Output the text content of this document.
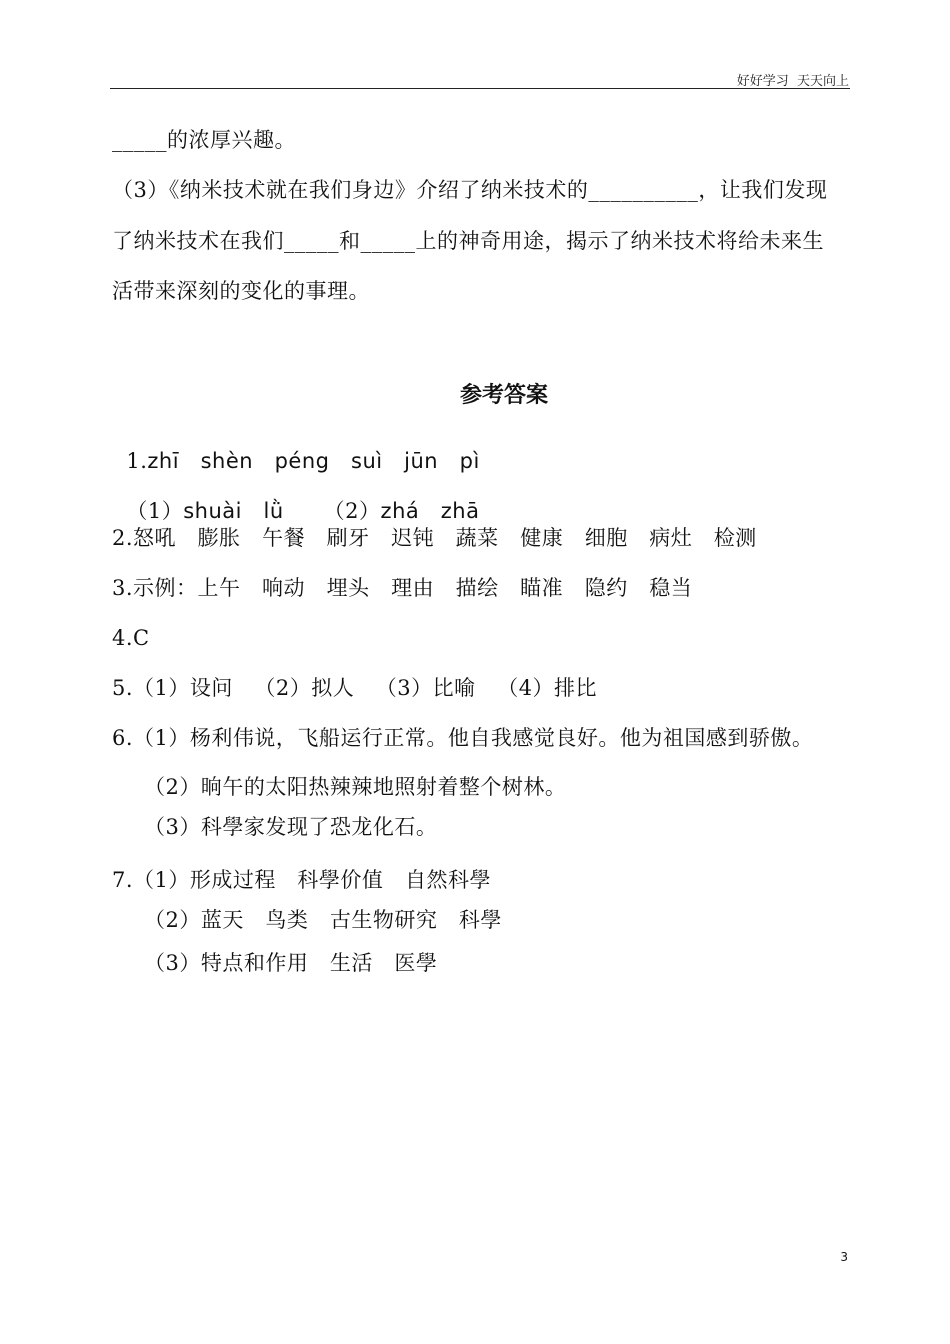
好好学习  天天向上
_____的浓厚兴趣。
（3）《纳米技术就在我们身边》介绍了纳米技术的__________，让我们发现
了纳米技术在我们_____和_____上的神奇用途，揭示了纳米技术将给未来生
活带来深刻的变化的事理。
参考答案

1.zhī   shèn   péng   suì   jūn   pì

（1）shuài   lǜ （2）zhá   zhā

2.怒吼   膨胀   午餐   刷牙   迟钝   蔬菜   健康   细胞   病灶   检测
3.示例：上午   响动   埋头   理由   描绘   瞄准   隐约   稳当
4.C
5.（1）设问   （2）拟人   （3）比喻   （4）排比
6.（1）杨利伟说，飞船运行正常。他自我感觉良好。他为祖国感到骄傲。
（2）晌午的太阳热辣辣地照射着整个树林。
（3）科學家发现了恐龙化石。
7.（1）形成过程   科學价值   自然科學
（2）蓝天   鸟类   古生物研究   科學
（3）特点和作用   生活   医學
3
